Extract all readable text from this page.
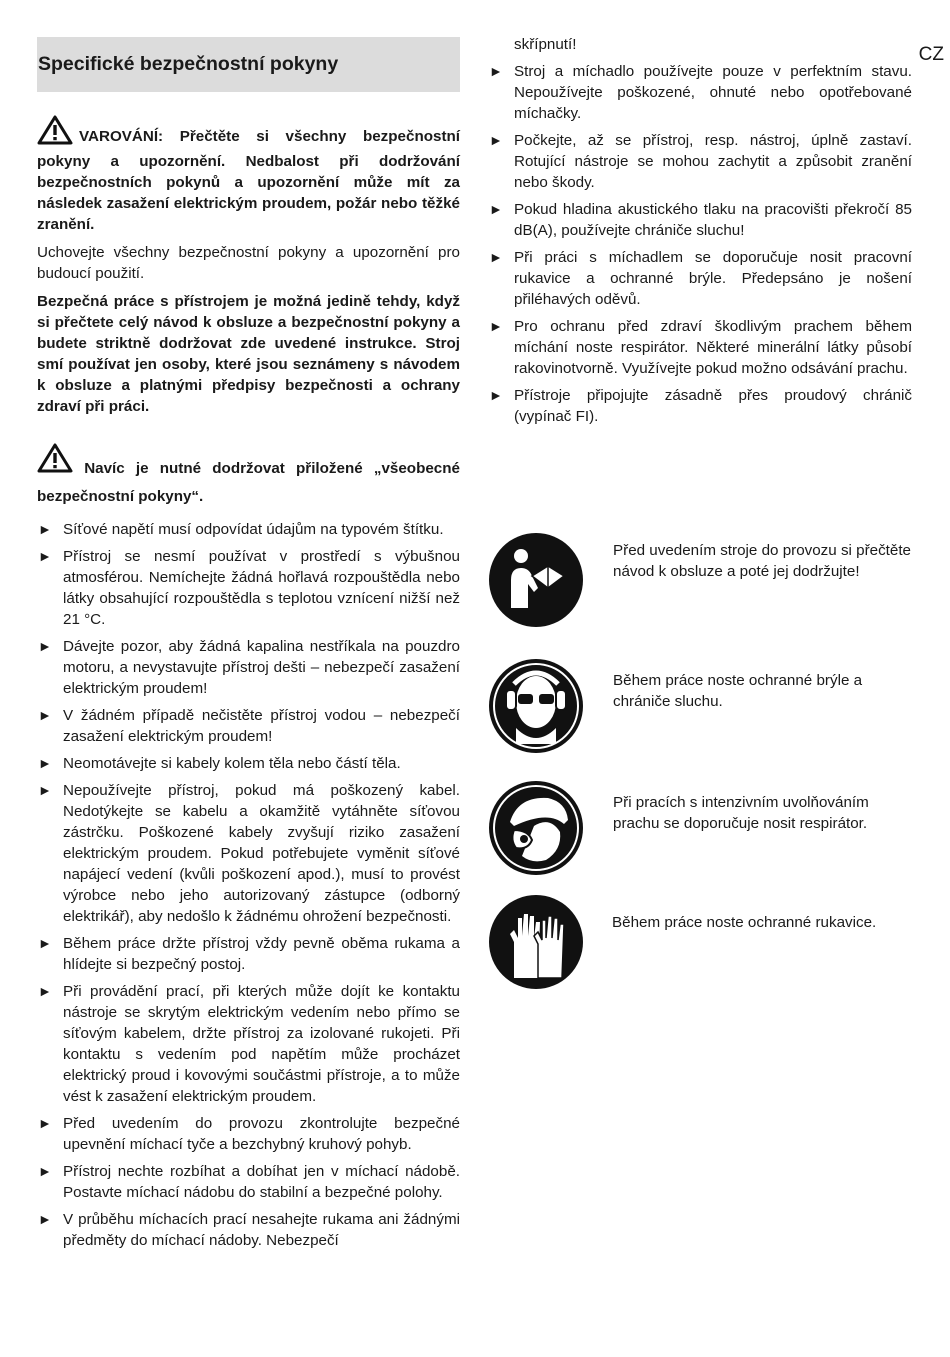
CZ
Specifické bezpečnostní pokyny

VAROVÁNÍ: Přečtěte si všechny bezpečnostní pokyny a upozornění. Nedbalost při dodržování bezpečnostních pokynů a upozornění může mít za následek zasažení elektrickým proudem, požár nebo těžké zranění.

Uchovejte všechny bezpečnostní pokyny a upozornění pro budoucí použití.

Bezpečná práce s přístrojem je možná jedině tehdy, když si přečtete celý návod k obsluze a bezpečnostní pokyny a budete striktně dodržovat zde uvedené instrukce. Stroj smí používat jen osoby, které jsou seznámeny s návodem k obsluze a platnými předpisy bezpečnosti a ochrany zdraví při práci.

Navíc je nutné dodržovat přiložené „všeobecné bezpečnostní pokyny“.

► Síťové napětí musí odpovídat údajům na typovém štítku.
► Přístroj se nesmí používat v prostředí s výbušnou atmosférou. Nemíchejte žádná hořlavá rozpouštědla nebo látky obsahující rozpouštědla s teplotou vznícení nižší než 21 °C.
► Dávejte pozor, aby žádná kapalina nestříkala na pouzdro motoru, a nevystavujte přístroj dešti – nebezpečí zasažení elektrickým proudem!
► V žádném případě nečistěte přístroj vodou – nebezpečí zasažení elektrickým proudem!
► Neomotávejte si kabely kolem těla nebo částí těla.
► Nepoužívejte přístroj, pokud má poškozený kabel. Nedotýkejte se kabelu a okamžitě vytáhněte síťovou zástrčku. Poškozené kabely zvyšují riziko zasažení elektrickým proudem. Pokud potřebujete vyměnit síťové napájecí vedení (kvůli poškození apod.), musí to provést výrobce nebo jeho autorizovaný zástupce (odborný elektrikář), aby nedošlo k žádnému ohrožení bezpečnosti.
► Během práce držte přístroj vždy pevně oběma rukama a hlídejte si bezpečný postoj.
► Při provádění prací, při kterých může dojít ke kontaktu nástroje se skrytým elektrickým vedením nebo přímo se síťovým kabelem, držte přístroj za izolované rukojeti. Při kontaktu s vedením pod napětím může procházet elektrický proud i kovovými součástmi přístroje, a to může vést k zasažení elektrickým proudem.
► Před uvedením do provozu zkontrolujte bezpečné upevnění míchací tyče a bezchybný kruhový pohyb.
► Přístroj nechte rozbíhat a dobíhat jen v míchací nádobě. Postavte míchací nádobu do stabilní a bezpečné polohy.
► V průběhu míchacích prací nesahejte rukama ani žádnými předměty do míchací nádoby. Nebezpečí
skřípnutí!
► Stroj a míchadlo používejte pouze v perfektním stavu. Nepoužívejte poškozené, ohnuté nebo opotřebované míchačky.
► Počkejte, až se přístroj, resp. nástroj, úplně zastaví. Rotující nástroje se mohou zachytit a způsobit zranění nebo škody.
► Pokud hladina akustického tlaku na pracovišti překročí 85 dB(A), používejte chrániče sluchu!
► Při práci s míchadlem se doporučuje nosit pracovní rukavice a ochranné brýle. Předepsáno je nošení přiléhavých oděvů.
► Pro ochranu před zdraví škodlivým prachem během míchání noste respirátor. Některé minerální látky působí rakovinotvorně. Využívejte pokud možno odsávání prachu.
► Přístroje připojujte zásadně přes proudový chránič (vypínač FI).
Před uvedením stroje do provozu si přečtěte návod k obsluze a poté jej dodržujte!
Během práce noste ochranné brýle a chrániče sluchu.
Při pracích s intenzivním uvolňováním prachu se doporučuje nosit respirátor.
Během práce noste ochranné rukavice.
